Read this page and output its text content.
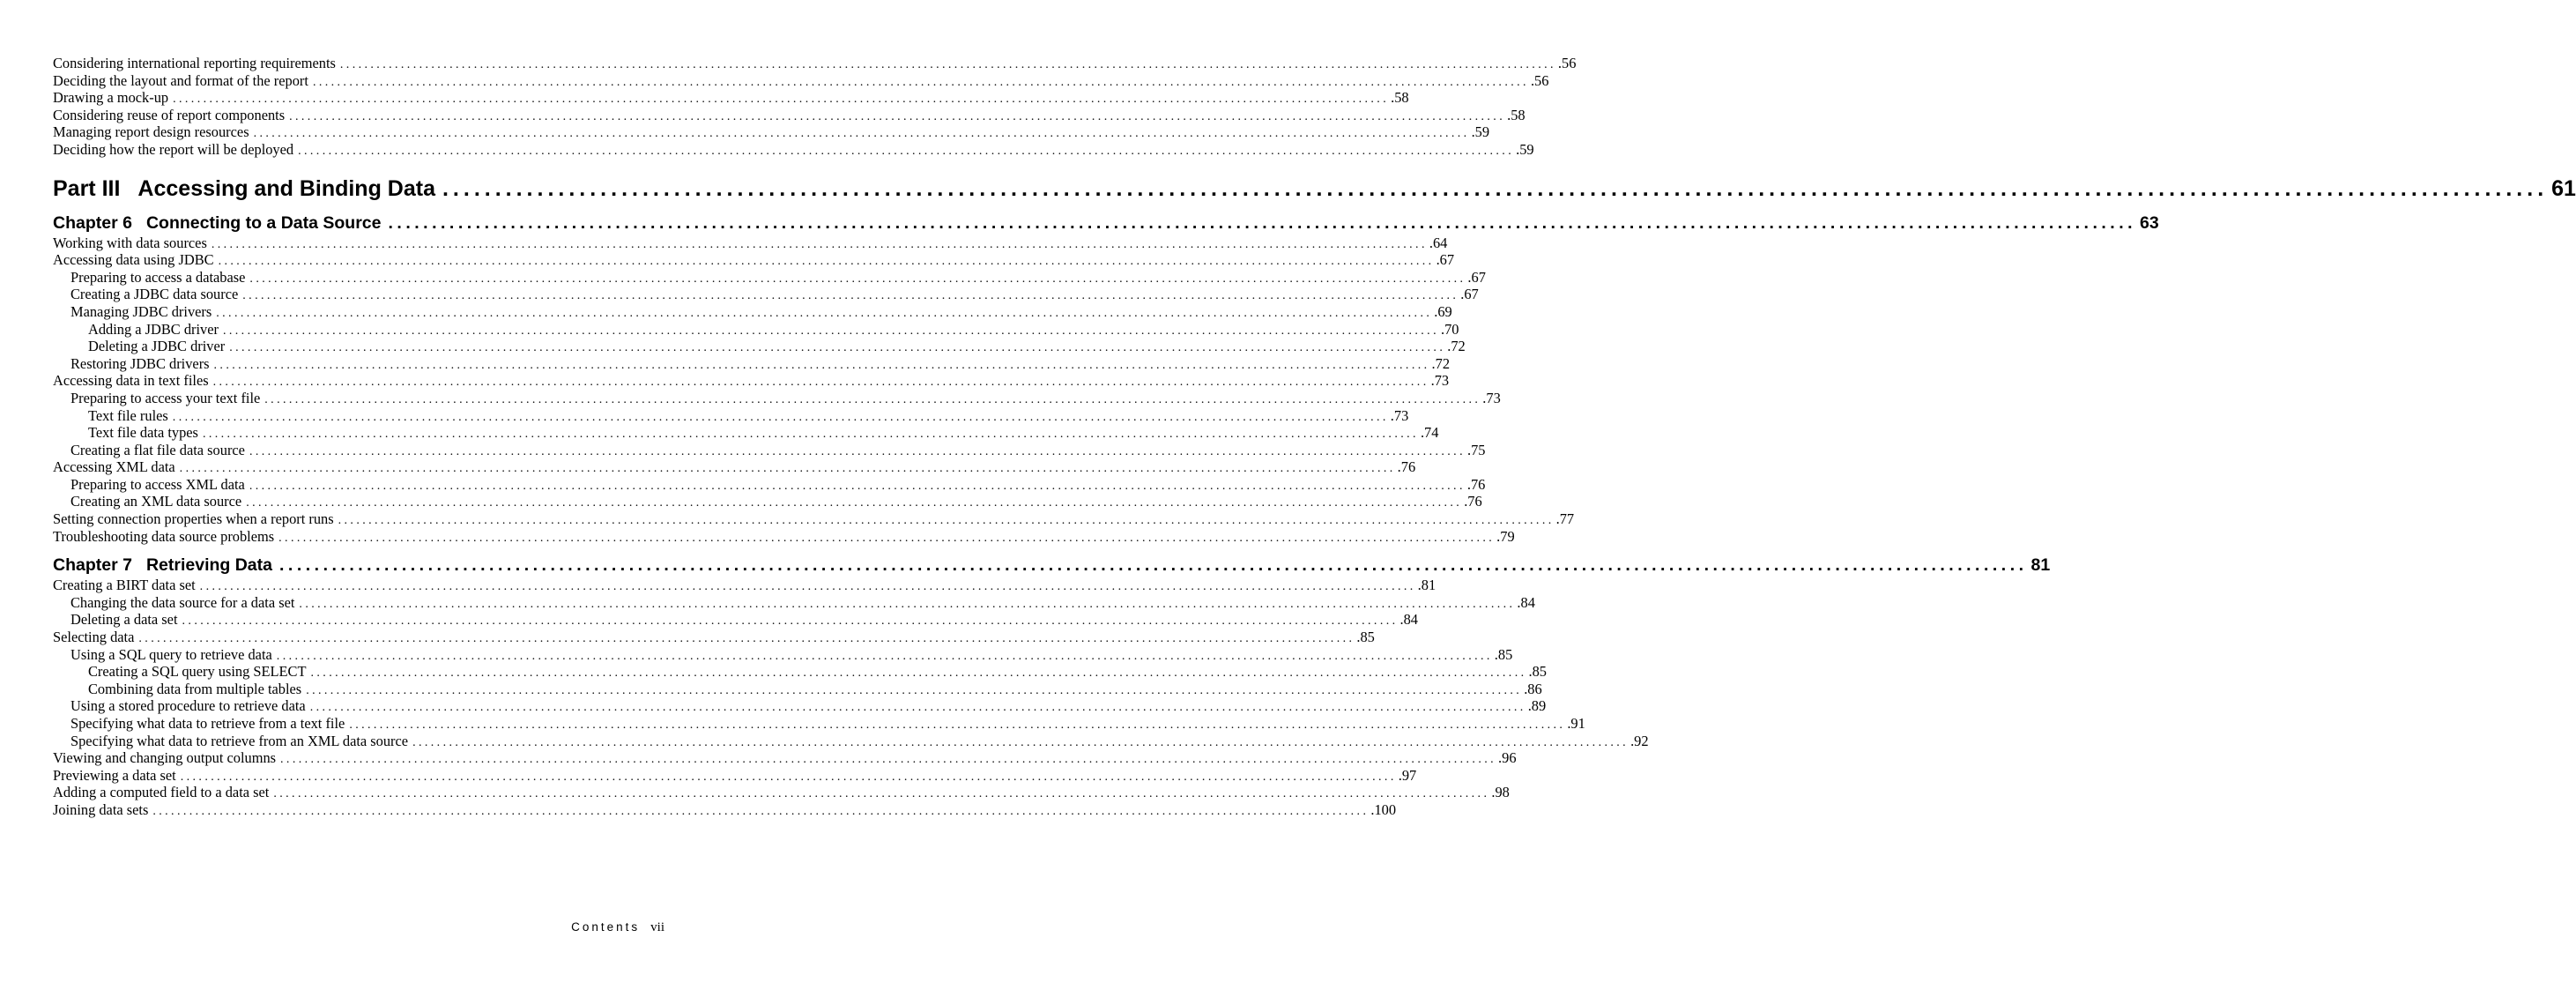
Considering international reporting requirements ........................................................................................................................................................................................................ .56
Deciding the layout and format of the report ........................................................................................................................................................................................................ .56
Drawing a mock-up ........................................................................................................................................................................................................ .58
Considering reuse of report components ........................................................................................................................................................................................................ .58
Managing report design resources ........................................................................................................................................................................................................ .59
Deciding how the report will be deployed ........................................................................................................................................................................................................ .59
Part III Accessing and Binding Data ........................................................................................................................................................................................................ 61
Chapter 6 Connecting to a Data Source ........................................................................................................................................................................................................ 63
Working with data sources ........................................................................................................................................................................................................ .64
Accessing data using JDBC ........................................................................................................................................................................................................ .67
Preparing to access a database ........................................................................................................................................................................................................ .67
Creating a JDBC data source ........................................................................................................................................................................................................ .67
Managing JDBC drivers ........................................................................................................................................................................................................ .69
Adding a JDBC driver ........................................................................................................................................................................................................ .70
Deleting a JDBC driver ........................................................................................................................................................................................................ .72
Restoring JDBC drivers ........................................................................................................................................................................................................ .72
Accessing data in text files ........................................................................................................................................................................................................ .73
Preparing to access your text file ........................................................................................................................................................................................................ .73
Text file rules ........................................................................................................................................................................................................ .73
Text file data types ........................................................................................................................................................................................................ .74
Creating a flat file data source ........................................................................................................................................................................................................ .75
Accessing XML data ........................................................................................................................................................................................................ .76
Preparing to access XML data ........................................................................................................................................................................................................ .76
Creating an XML data source ........................................................................................................................................................................................................ .76
Setting connection properties when a report runs ........................................................................................................................................................................................................ .77
Troubleshooting data source problems ........................................................................................................................................................................................................ .79
Chapter 7 Retrieving Data ........................................................................................................................................................................................................ 81
Creating a BIRT data set ........................................................................................................................................................................................................ .81
Changing the data source for a data set ........................................................................................................................................................................................................ .84
Deleting a data set ........................................................................................................................................................................................................ .84
Selecting data ........................................................................................................................................................................................................ .85
Using a SQL query to retrieve data ........................................................................................................................................................................................................ .85
Creating a SQL query using SELECT ........................................................................................................................................................................................................ .85
Combining data from multiple tables ........................................................................................................................................................................................................ .86
Using a stored procedure to retrieve data ........................................................................................................................................................................................................ .89
Specifying what data to retrieve from a text file ........................................................................................................................................................................................................ .91
Specifying what data to retrieve from an XML data source ........................................................................................................................................................................................................ .92
Viewing and changing output columns ........................................................................................................................................................................................................ .96
Previewing a data set ........................................................................................................................................................................................................ .97
Adding a computed field to a data set ........................................................................................................................................................................................................ .98
Joining data sets ........................................................................................................................................................................................................ .100
Contents vii
